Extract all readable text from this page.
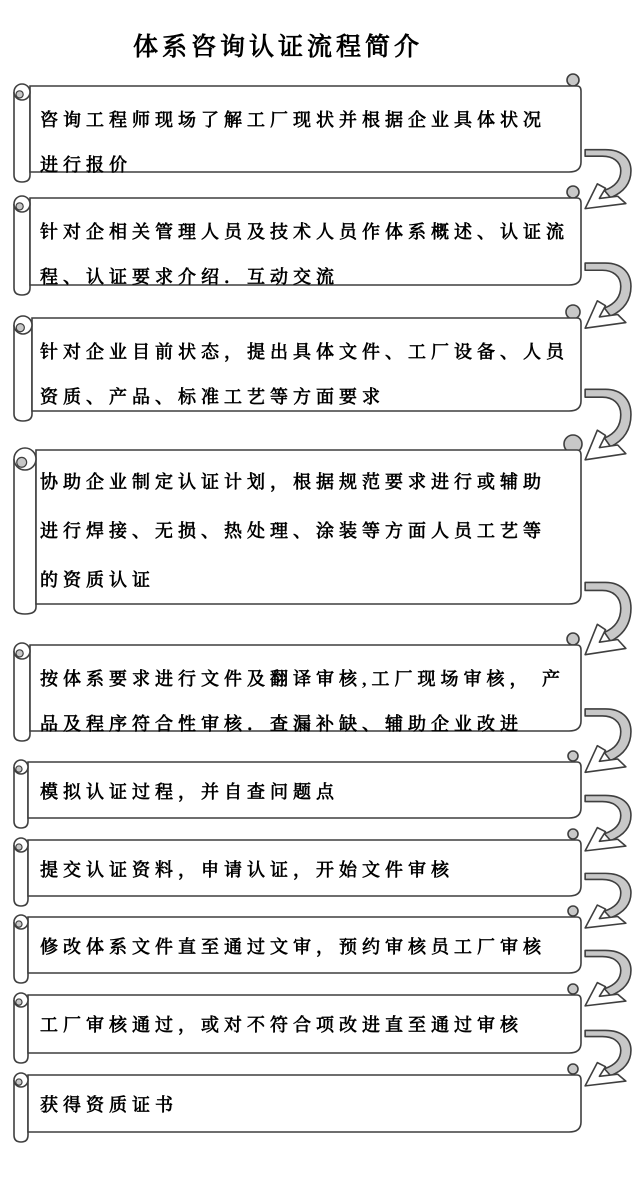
体系咨询认证流程简介
咨询工程师现场了解工厂现状并根据企业具体状况
进行报价
针对企相关管理人员及技术人员作体系概述、认证流
程、认证要求介绍．互动交流
针对企业目前状态，提出具体文件、工厂设备、人员
资质、产品、标准工艺等方面要求
协助企业制定认证计划，根据规范要求进行或辅助
进行焊接、无损、热处理、涂装等方面人员工艺等
的资质认证
按体系要求进行文件及翻译审核,工厂现场审核， 产
品及程序符合性审核．查漏补缺、辅助企业改进
模拟认证过程，并自查问题点
提交认证资料，申请认证，开始文件审核
修改体系文件直至通过文审，预约审核员工厂审核
工厂审核通过，或对不符合项改进直至通过审核
获得资质证书
